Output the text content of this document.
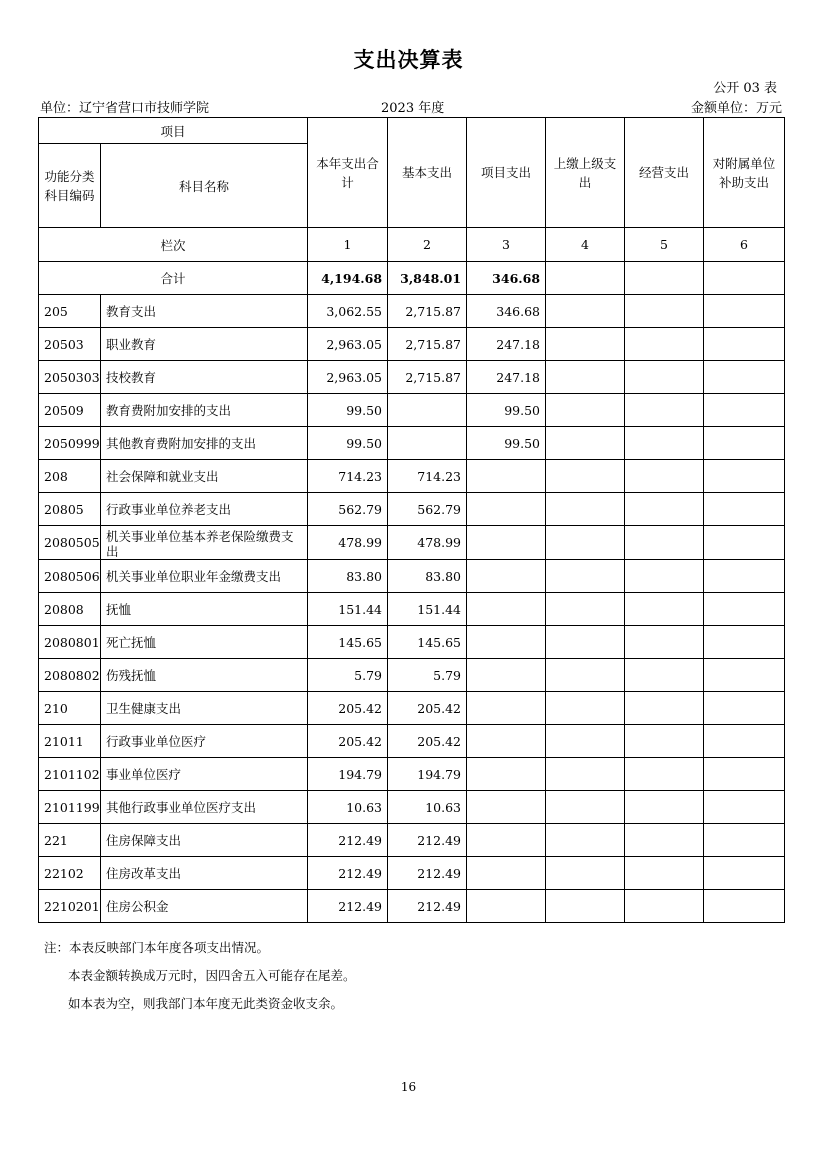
支出决算表
公开 03 表
单位：辽宁省营口市技师学院	2023 年度	金额单位：万元
项目		本年支出合计	基本支出	项目支出	上缴上级支出	经营支出	对附属单位补助支出
功能分类科目编码	科目名称						
栏次		1	2	3	4	5	6
合计		4,194.68	3,848.01	346.68			
205	教育支出	3,062.55	2,715.87	346.68			
20503	职业教育	2,963.05	2,715.87	247.18			
2050303	技校教育	2,963.05	2,715.87	247.18			
20509	教育费附加安排的支出	99.50		99.50			
2050999	其他教育费附加安排的支出	99.50		99.50			
208	社会保障和就业支出	714.23	714.23				
20805	行政事业单位养老支出	562.79	562.79				
2080505	机关事业单位基本养老保险缴费支出	478.99	478.99				
2080506	机关事业单位职业年金缴费支出	83.80	83.80				
20808	抚恤	151.44	151.44				
2080801	死亡抚恤	145.65	145.65				
2080802	伤残抚恤	5.79	5.79				
210	卫生健康支出	205.42	205.42				
21011	行政事业单位医疗	205.42	205.42				
2101102	事业单位医疗	194.79	194.79				
2101199	其他行政事业单位医疗支出	10.63	10.63				
221	住房保障支出	212.49	212.49				
22102	住房改革支出	212.49	212.49				
2210201	住房公积金	212.49	212.49				
注：本表反映部门本年度各项支出情况。
本表金额转换成万元时，因四舍五入可能存在尾差。
如本表为空，则我部门本年度无此类资金收支余。
16
